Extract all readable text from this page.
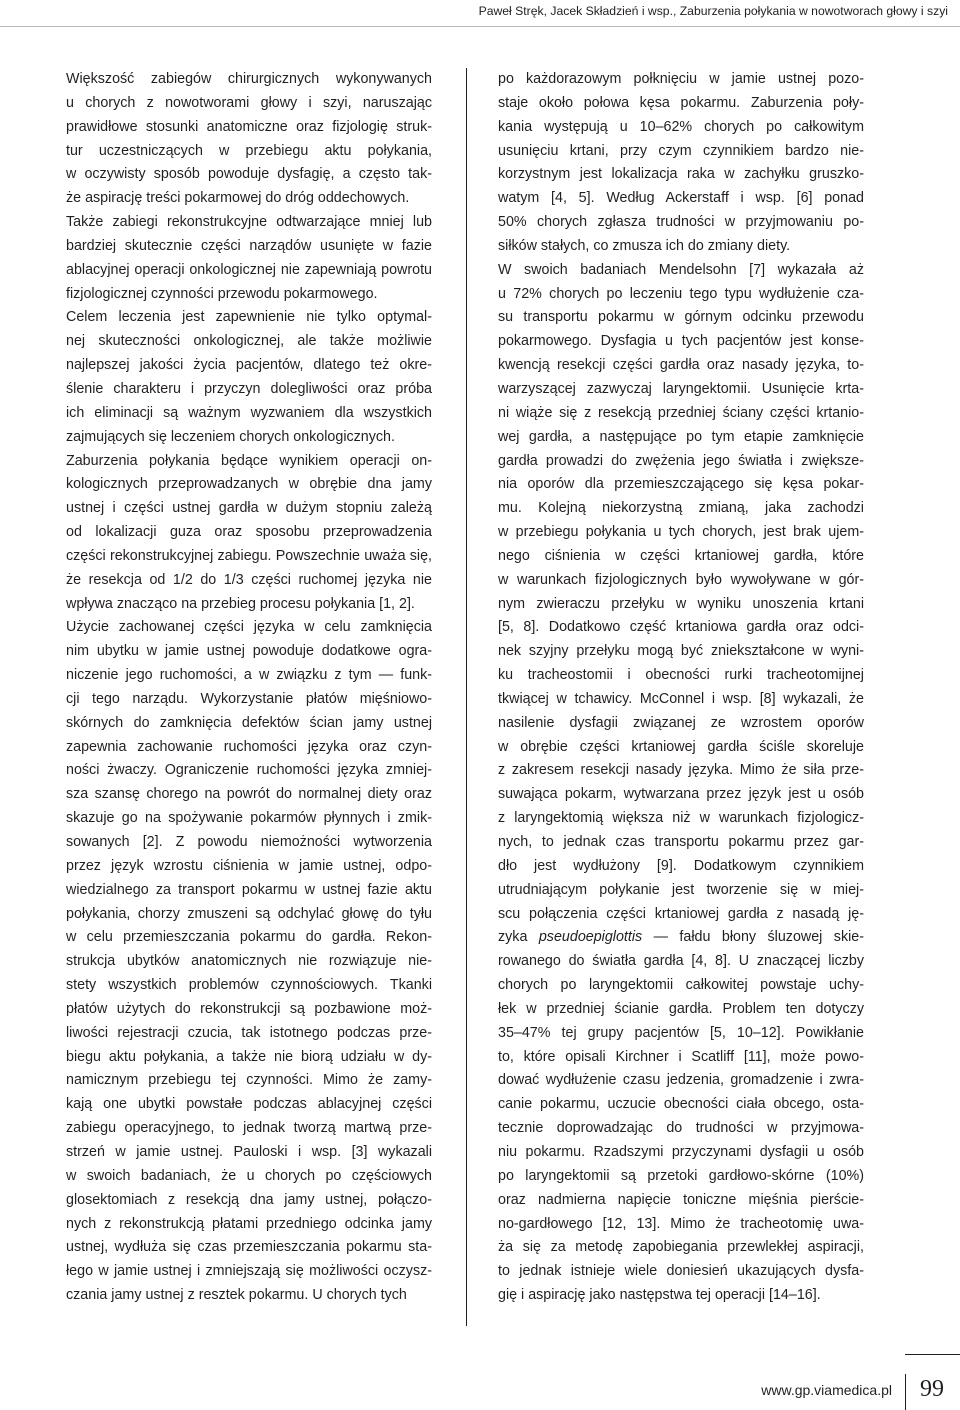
Paweł Stręk, Jacek Składzień i wsp., Zaburzenia połykania w nowotworach głowy i szyi
Większość zabiegów chirurgicznych wykonywanych
u chorych z nowotworami głowy i szyi, naruszając
prawidłowe stosunki anatomiczne oraz fizjologię struk-
tur uczestniczących w przebiegu aktu połykania,
w oczywisty sposób powoduje dysfagię, a często tak-
że aspirację treści pokarmowej do dróg oddechowych.
Także zabiegi rekonstrukcyjne odtwarzające mniej lub
bardziej skutecznie części narządów usunięte w fazie
ablacyjnej operacji onkologicznej nie zapewniają powrotu
fizjologicznej czynności przewodu pokarmowego.
Celem leczenia jest zapewnienie nie tylko optymal-
nej skuteczności onkologicznej, ale także możliwie
najlepszej jakości życia pacjentów, dlatego też okre-
ślenie charakteru i przyczyn dolegliwości oraz próba
ich eliminacji są ważnym wyzwaniem dla wszystkich
zajmujących się leczeniem chorych onkologicznych.
Zaburzenia połykania będące wynikiem operacji on-
kologicznych przeprowadzanych w obrębie dna jamy
ustnej i części ustnej gardła w dużym stopniu zależą
od lokalizacji guza oraz sposobu przeprowadzenia
części rekonstrukcyjnej zabiegu. Powszechnie uważa się,
że resekcja od 1/2 do 1/3 części ruchomej języka nie
wpływa znacząco na przebieg procesu połykania [1, 2].
Użycie zachowanej części języka w celu zamknięcia
nim ubytku w jamie ustnej powoduje dodatkowe ogra-
niczenie jego ruchomości, a w związku z tym — funk-
cji tego narządu. Wykorzystanie płatów mięśniowo-
skórnych do zamknięcia defektów ścian jamy ustnej
zapewnia zachowanie ruchomości języka oraz czyn-
ności żwaczy. Ograniczenie ruchomości języka zmniej-
sza szansę chorego na powrót do normalnej diety oraz
skazuje go na spożywanie pokarmów płynnych i zmik-
sowanych [2]. Z powodu niemożności wytworzenia
przez język wzrostu ciśnienia w jamie ustnej, odpo-
wiedzialnego za transport pokarmu w ustnej fazie aktu
połykania, chorzy zmuszeni są odchylać głowę do tyłu
w celu przemieszczania pokarmu do gardła. Rekon-
strukcja ubytków anatomicznych nie rozwiązuje nie-
stety wszystkich problemów czynnościowych. Tkanki
płatów użytych do rekonstrukcji są pozbawione moż-
liwości rejestracji czucia, tak istotnego podczas prze-
biegu aktu połykania, a także nie biorą udziału w dy-
namicznym przebiegu tej czynności. Mimo że zamy-
kają one ubytki powstałe podczas ablacyjnej części
zabiegu operacyjnego, to jednak tworzą martwą prze-
strzeń w jamie ustnej. Pauloski i wsp. [3] wykazali
w swoich badaniach, że u chorych po częściowych
glosektomiach z resekcją dna jamy ustnej, połączo-
nych z rekonstrukcją płatami przedniego odcinka jamy
ustnej, wydłuża się czas przemieszczania pokarmu sta-
łego w jamie ustnej i zmniejszają się możliwości oczysz-
czania jamy ustnej z resztek pokarmu. U chorych tych
po każdorazowym połknięciu w jamie ustnej pozo-
staje około połowa kęsa pokarmu. Zaburzenia poły-
kania występują u 10–62% chorych po całkowitym
usunięciu krtani, przy czym czynnikiem bardzo nie-
korzystnym jest lokalizacja raka w zachyłku gruszko-
watym [4, 5]. Według Ackerstaff i wsp. [6] ponad
50% chorych zgłasza trudności w przyjmowaniu po-
siłków stałych, co zmusza ich do zmiany diety.
W swoich badaniach Mendelsohn [7] wykazała aż
u 72% chorych po leczeniu tego typu wydłużenie cza-
su transportu pokarmu w górnym odcinku przewodu
pokarmowego. Dysfagia u tych pacjentów jest konse-
kwencją resekcji części gardła oraz nasady języka, to-
warzyszącej zazwyczaj laryngektomii. Usunięcie krta-
ni wiąże się z resekcją przedniej ściany części krtanio-
wej gardła, a następujące po tym etapie zamknięcie
gardła prowadzi do zwężenia jego światła i zwiększe-
nia oporów dla przemieszczającego się kęsa pokar-
mu. Kolejną niekorzystną zmianą, jaka zachodzi
w przebiegu połykania u tych chorych, jest brak ujem-
nego ciśnienia w części krtaniowej gardła, które
w warunkach fizjologicznych było wywoływane w gór-
nym zwieraczu przełyku w wyniku unoszenia krtani
[5, 8]. Dodatkowo część krtaniowa gardła oraz odci-
nek szyjny przełyku mogą być zniekształcone w wyni-
ku tracheostomii i obecności rurki tracheotomijnej
tkwiącej w tchawicy. McConnel i wsp. [8] wykazali, że
nasilenie dysfagii związanej ze wzrostem oporów
w obrębie części krtaniowej gardła ściśle skoreluje
z zakresem resekcji nasady języka. Mimo że siła prze-
suwająca pokarm, wytwarzana przez język jest u osób
z laryngektomią większa niż w warunkach fizjologicz-
nych, to jednak czas transportu pokarmu przez gar-
dło jest wydłużony [9]. Dodatkowym czynnikiem
utrudniającym połykanie jest tworzenie się w miej-
scu połączenia części krtaniowej gardła z nasadą ję-
zyka pseudoepiglottis — fałdu błony śluzowej skie-
rowanego do światła gardła [4, 8]. U znaczącej liczby
chorych po laryngektomii całkowitej powstaje uchy-
łek w przedniej ścianie gardła. Problem ten dotyczy
35–47% tej grupy pacjentów [5, 10–12]. Powikłanie
to, które opisali Kirchner i Scatliff [11], może powo-
dować wydłużenie czasu jedzenia, gromadzenie i zwra-
canie pokarmu, uczucie obecności ciała obcego, osta-
tecznie doprowadzając do trudności w przyjmowa-
niu pokarmu. Rzadszymi przyczynami dysfagii u osób
po laryngektomii są przetoki gardłowo-skórne (10%)
oraz nadmierna napięcie toniczne mięśnia pierście-
no-gardłowego [12, 13]. Mimo że tracheotomię uwa-
ża się za metodę zapobiegania przewlekłej aspiracji,
to jednak istnieje wiele doniesień ukazujących dysfa-
gię i aspirację jako następstwa tej operacji [14–16].
www.gp.viamedica.pl 99
